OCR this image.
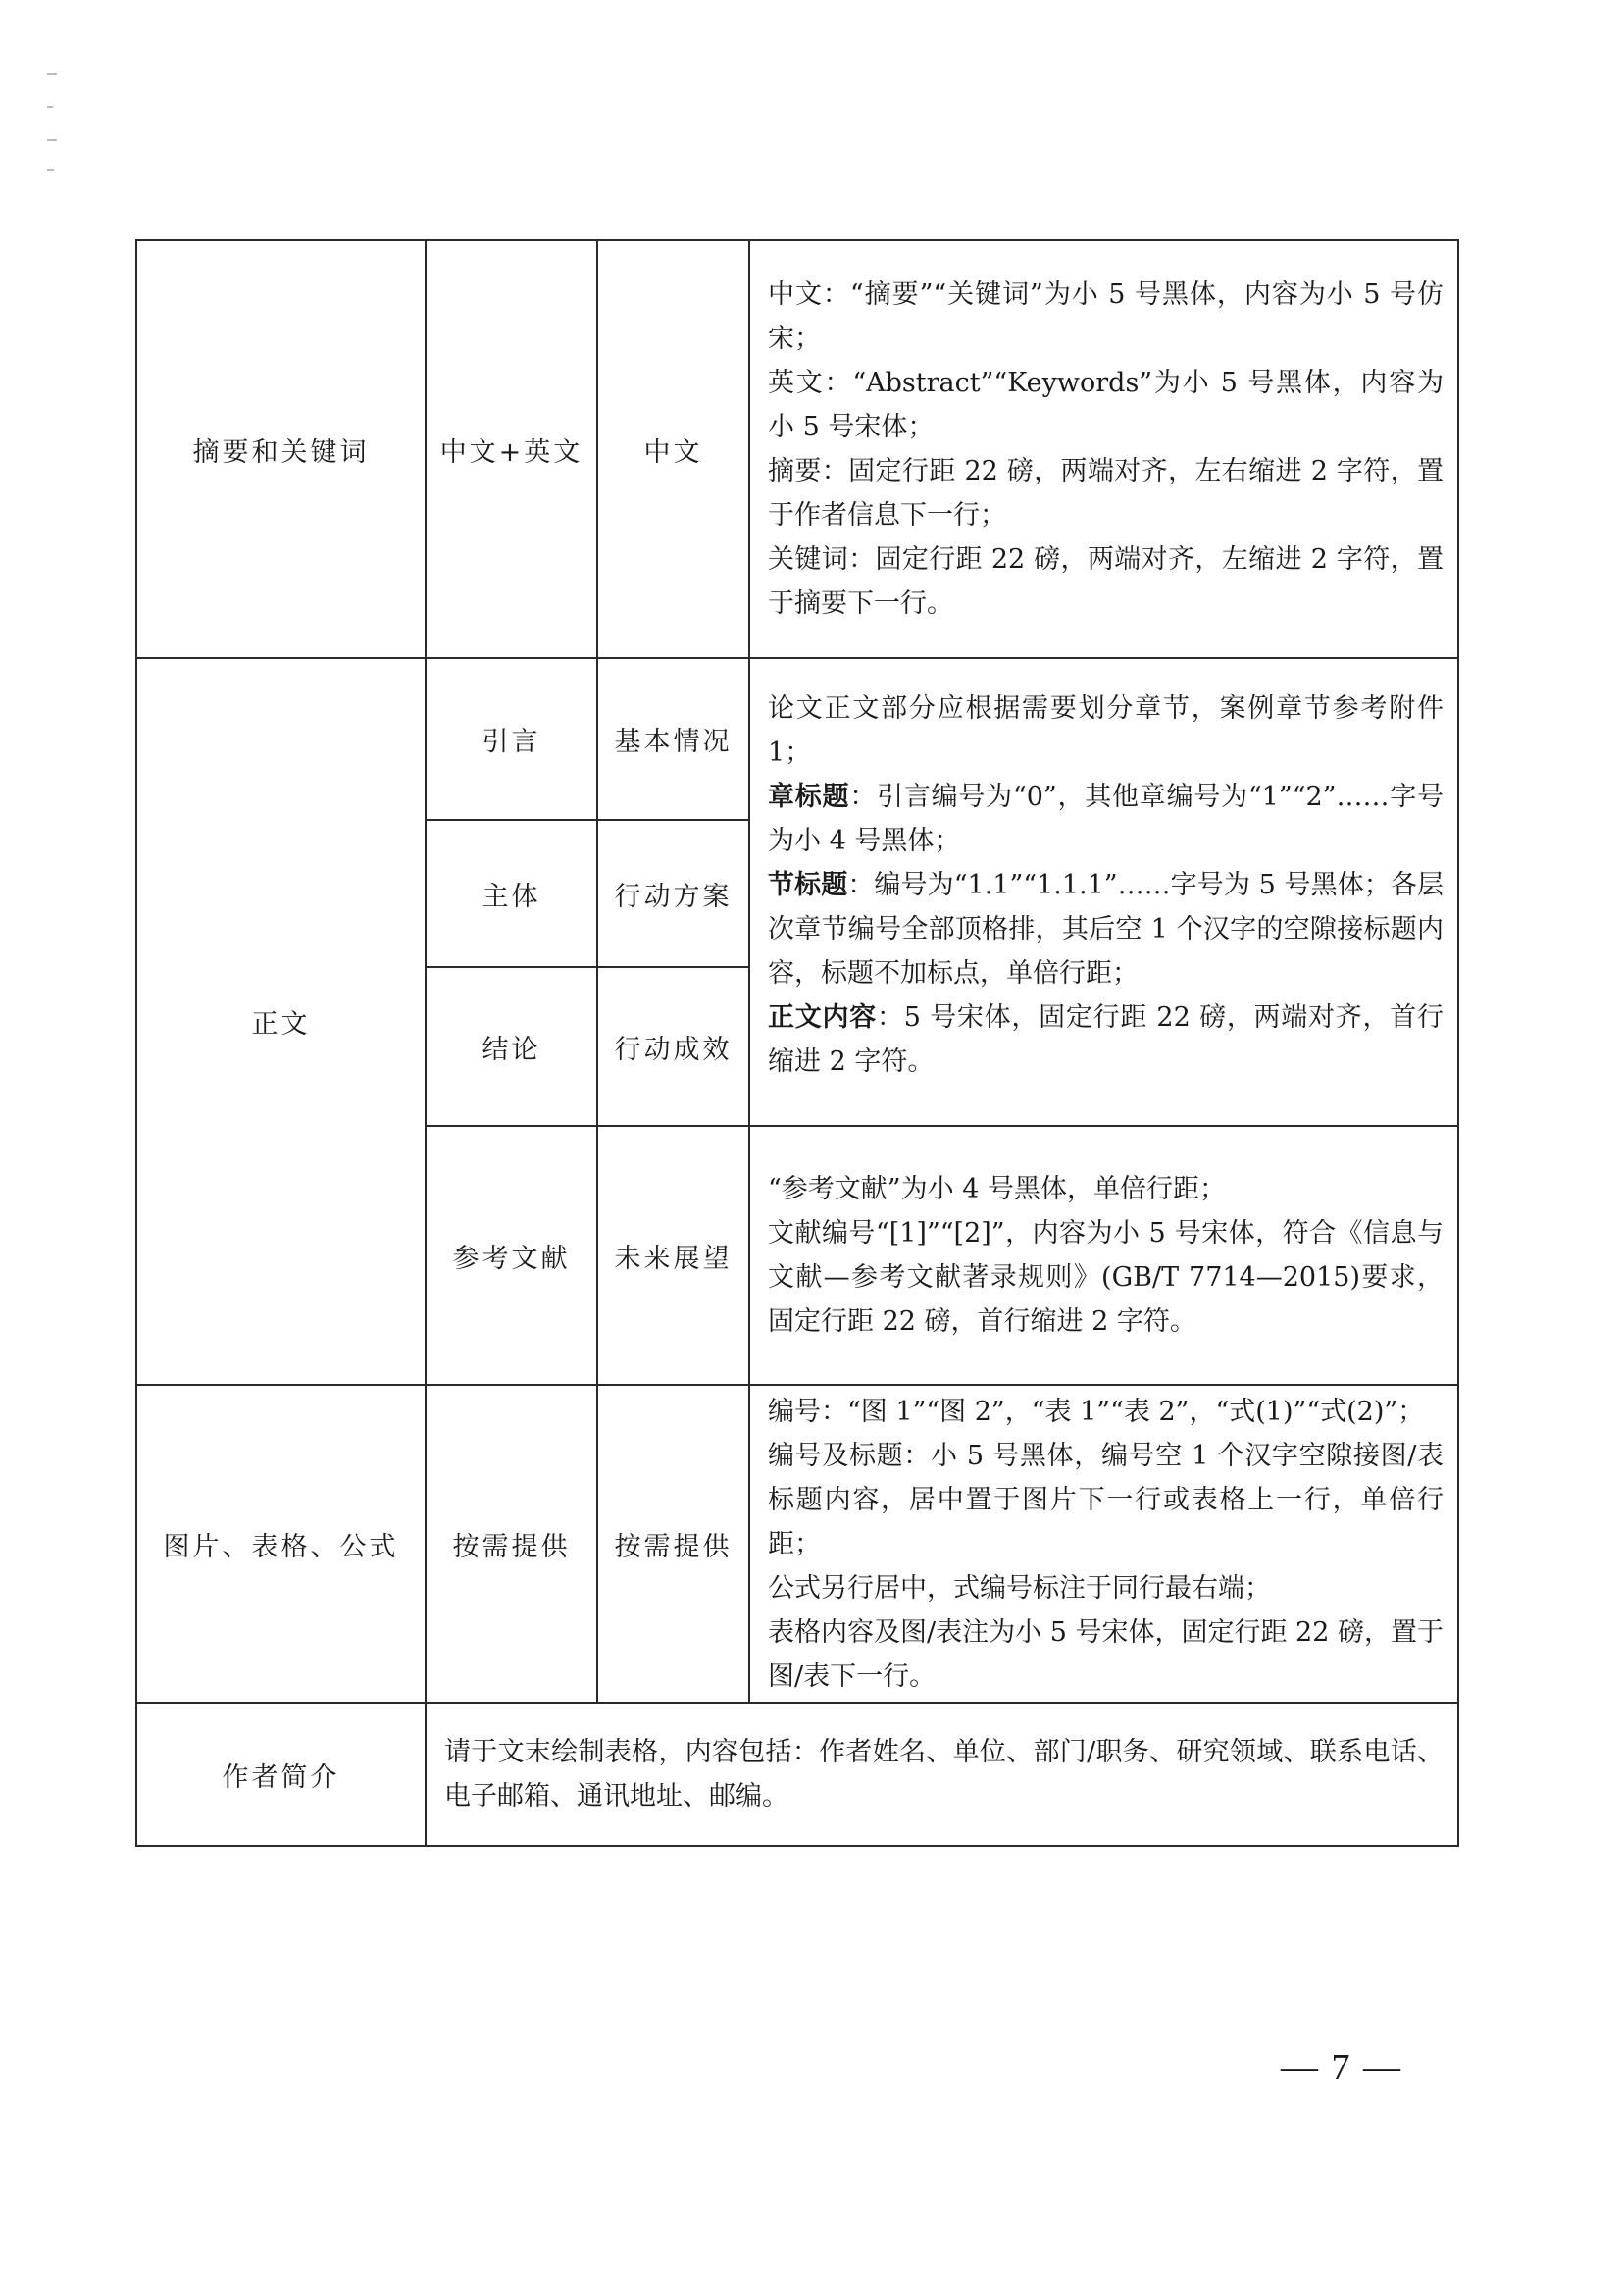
摘要和关键词	中文+英文	中文	中文：“摘要”“关键词”为小 5 号黑体，内容为小 5 号仿宋；

英文：“Abstract”“Keywords”为小 5 号黑体，内容为小 5 号宋体；

摘要：固定行距 22 磅，两端对齐，左右缩进 2 字符，置于作者信息下一行；

关键词：固定行距 22 磅，两端对齐，左缩进 2 字符，置于摘要下一行。

正文	引言	基本情况	论文正文部分应根据需要划分章节，案例章节参考附件 1；

章标题：引言编号为“0”，其他章编号为“1”“2”……字号为小 4 号黑体；

节标题：编号为“1.1”“1.1.1”……字号为 5 号黑体；各层次章节编号全部顶格排，其后空 1 个汉字的空隙接标题内容，标题不加标点，单倍行距；

正文内容：5 号宋体，固定行距 22 磅，两端对齐，首行缩进 2 字符。

	主体	行动方案	
	结论	行动成效	
	参考文献	未来展望	“参考文献”为小 4 号黑体，单倍行距；

文献编号“[1]”“[2]”，内容为小 5 号宋体，符合《信息与文献—参考文献著录规则》(GB/T 7714—2015)要求，固定行距 22 磅，首行缩进 2 字符。

图片、表格、公式	按需提供	按需提供	编号：“图 1”“图 2”，“表 1”“表 2”，“式(1)”“式(2)”；

编号及标题：小 5 号黑体，编号空 1 个汉字空隙接图/表标题内容，居中置于图片下一行或表格上一行，单倍行距；

公式另行居中，式编号标注于同行最右端；

表格内容及图/表注为小 5 号宋体，固定行距 22 磅，置于图/表下一行。

作者简介	请于文末绘制表格，内容包括：作者姓名、单位、部门/职务、研究领域、联系电话、电子邮箱、通讯地址、邮编。		
— 7 —
